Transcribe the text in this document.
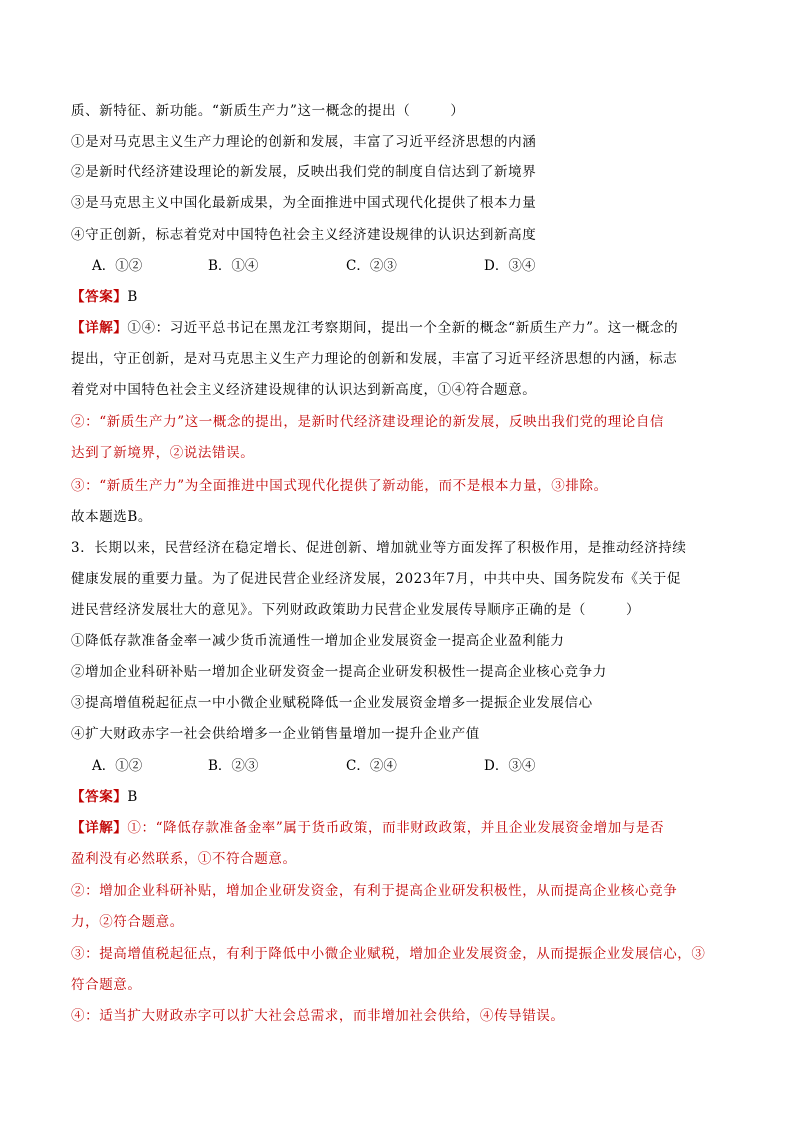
质、新特征、新功能。“新质生产力”这一概念的提出（	）
①是对马克思主义生产力理论的创新和发展，丰富了习近平经济思想的内涵
②是新时代经济建设理论的新发展，反映出我们党的制度自信达到了新境界
③是马克思主义中国化最新成果，为全面推进中国式现代化提供了根本力量
④守正创新，标志着党对中国特色社会主义经济建设规律的认识达到新高度
A．①②	B．①④	C．②③	D．③④
【答案】B
【详解】①④：习近平总书记在黑龙江考察期间，提出一个全新的概念“新质生产力”。这一概念的
提出，守正创新，是对马克思主义生产力理论的创新和发展，丰富了习近平经济思想的内涵，标志
着党对中国特色社会主义经济建设规律的认识达到新高度，①④符合题意。
②：“新质生产力”这一概念的提出，是新时代经济建设理论的新发展，反映出我们党的理论自信
达到了新境界，②说法错误。
③：“新质生产力”为全面推进中国式现代化提供了新动能，而不是根本力量，③排除。
故本题选B。
3．长期以来，民营经济在稳定增长、促进创新、增加就业等方面发挥了积极作用，是推动经济持续
健康发展的重要力量。为了促进民营企业经济发展，2023年7月，中共中央、国务院发布《关于促
进民营经济发展壮大的意见》。下列财政政策助力民营企业发展传导顺序正确的是（	）
①降低存款准备金率一减少货币流通性一增加企业发展资金一提高企业盈利能力
②增加企业科研补贴一增加企业研发资金一提高企业研发积极性一提高企业核心竞争力
③提高增值税起征点一中小微企业赋税降低一企业发展资金增多一提振企业发展信心
④扩大财政赤字一社会供给增多一企业销售量增加一提升企业产值
A．①②	B．②③	C．②④	D．③④
【答案】B
【详解】①：“降低存款准备金率”属于货币政策，而非财政政策，并且企业发展资金增加与是否
盈利没有必然联系，①不符合题意。
②：增加企业科研补贴，增加企业研发资金，有利于提高企业研发积极性，从而提高企业核心竞争
力，②符合题意。
③：提高增值税起征点，有利于降低中小微企业赋税，增加企业发展资金，从而提振企业发展信心，③
符合题意。
④：适当扩大财政赤字可以扩大社会总需求，而非增加社会供给，④传导错误。
